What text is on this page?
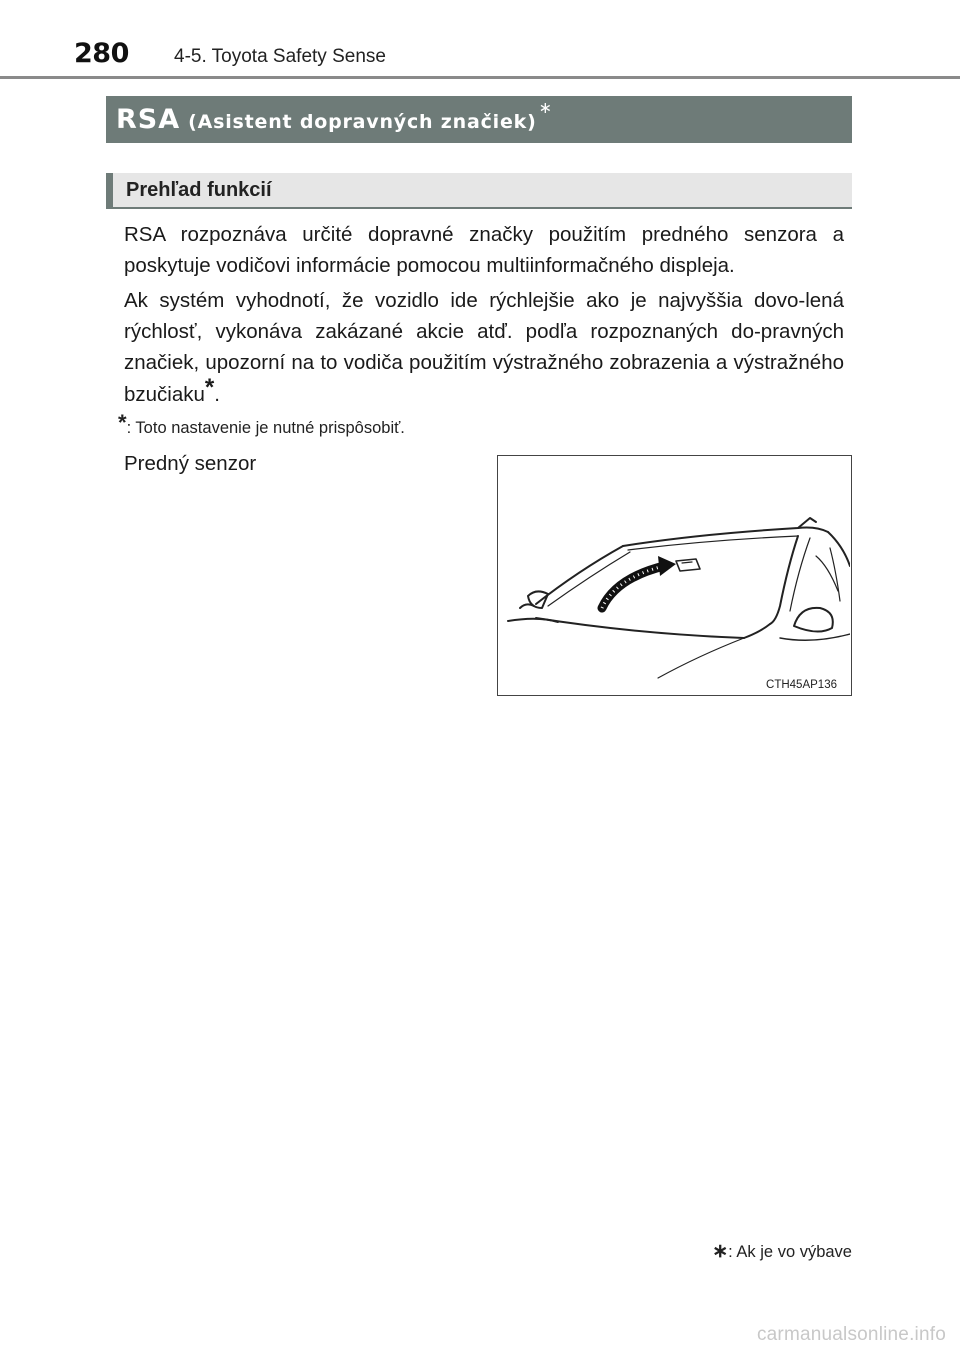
280 4-5. Toyota Safety Sense
RSA (Asistent dopravných značiek)
∗
Prehľad funkcií

RSA rozpoznáva určité dopravné značky použitím predného senzora a poskytuje vodičovi informácie pomocou multiinformačného displeja.

Ak systém vyhodnotí, že vozidlo ide rýchlejšie ako je najvyššia dovo-lená rýchlosť, vykonáva zakázané akcie atď. podľa rozpoznaných do-pravných značiek, upozorní na to vodiča použitím výstražného zobrazenia a výstražného bzučiaku*.

*: Toto nastavenie je nutné prispôsobiť.
Predný senzor
CTH45AP136
∗: Ak je vo výbave
carmanualsonline.info
